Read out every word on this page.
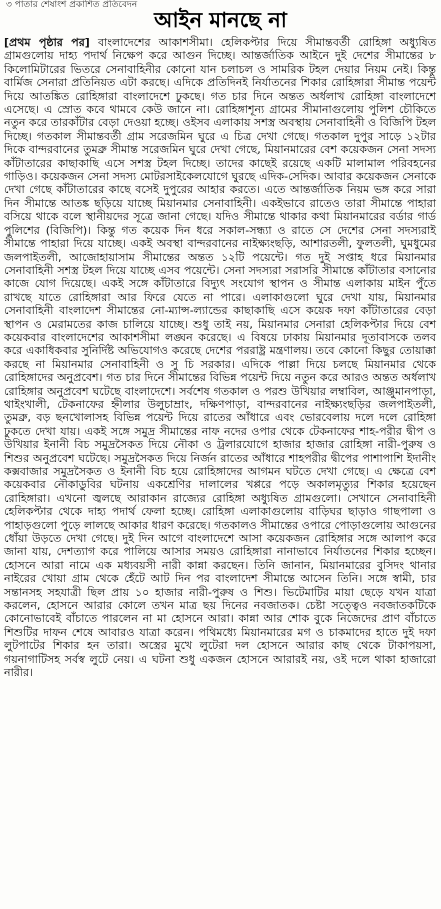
৩ পাতার শেষাংশ প্রকাশিত প্রতিবেদন
আইন মানছে না

[প্রথম পৃষ্ঠার পর] বাংলাদেশের আকাশসীমা। হেলিকপ্টার দিয়ে সীমান্তবর্তী রোহিঙ্গা অধ্যুষিত গ্রামগুলোয় দাহ্য পদার্থ নিক্ষেপ করে আগুন দিচ্ছে। আন্তর্জাতিক আইনে দুই দেশের সীমান্তের ৮ কিলোমিটারের ভিতরে সেনাবাহিনীর কোনো যান চলাচল ও সামরিক টহল দেয়ার নিয়ম নেই। কিন্তু বার্মিজ সেনারা প্রতিনিয়ত এটা করছে। এদিকে প্রতিদিনই নির্যাতনের শিকার রোহিঙ্গারা সীমান্ত পয়েন্ট দিয়ে আতঙ্কিত রোহিঙ্গারা বাংলাদেশে ঢুকছে। গত চার দিনে অন্তত অর্ধলাখ রোহিঙ্গা বাংলাদেশে এসেছে। এ স্রোত কবে থামবে কেউ জানে না। রোহিঙ্গাশূন্য গ্রামের সীমানাগুলোয় পুলিশ চৌকিতে নতুন করে তারকাঁটার বেড়া দেওয়া হচ্ছে। ওইসব এলাকায় সশস্ত্র অবস্থায় সেনাবাহিনী ও বিজিপি টহল দিচ্ছে। গতকাল সীমান্তবর্তী গ্রাম সরেজমিন ঘুরে এ চিত্র দেখা গেছে। গতকাল দুপুর সাড়ে ১২টার দিকে বান্দরবানের তুমব্রু সীমান্ত সরেজমিন ঘুরে দেখা গেছে, মিয়ানমারের বেশ কয়েকজন সেনা সদস্য কাঁটাতারের কাছাকাছি এসে সশস্ত্র টহল দিচ্ছে। তাদের কাছেই রয়েছে একটি মালামাল পরিবহনের গাড়িও। কয়েকজন সেনা সদস্য মোটরসাইকেলযোগে ঘুরছে এদিক-সেদিক। আবার কয়েকজন সেনাকে দেখা গেছে কাঁটাতারের কাছে বসেই দুপুরের আহার করতে। এতে আন্তর্জাতিক নিয়ম ভঙ্গ করে সারা দিন সীমান্তে আতঙ্ক ছড়িয়ে যাচ্ছে মিয়ানমার সেনাবাহিনী। একইভাবে রাতেও তারা সীমান্তে পাহারা বসিয়ে থাকে বলে স্থানীয়দের সূত্রে জানা গেছে। যদিও সীমান্তে থাকার কথা মিয়ানমারের বর্ডার গার্ড পুলিশের (বিজিপি)। কিন্তু গত কয়েক দিন ধরে সকাল-সন্ধ্যা ও রাতে সে দেশের সেনা সদস্যরাই সীমান্তে পাহারা দিয়ে যাচ্ছে। একই অবস্থা বান্দরবানের নাইক্ষ্যংছড়ি, আশারতলী, ফুলতলী, ঘুমধুমের জলপাইতলী, আজোহায়াসাম সীমান্তের অন্তত ১২টি পয়েন্টে। গত দুই সপ্তাহ ধরে মিয়ানমার সেনাবাহিনী সশস্ত্র টহল দিয়ে যাচ্ছে এসব পয়েন্টে। সেনা সদস্যরা সরাসরি সীমান্তে কাঁটাতার বসানোর কাজে যোগ দিয়েছে। একই সঙ্গে কাঁটাতারে বিদ্যুৎ সংযোগ স্থাপন ও সীমান্ত এলাকায় মাইন পুঁতে রাখছে যাতে রোহিঙ্গারা আর ফিরে যেতে না পারে। এলাকাগুলো ঘুরে দেখা যায়, মিয়ানমার সেনাবাহিনী বাংলাদেশ সীমান্তের নো-ম্যান্স-ল্যান্ডের কাছাকাছি এসে কয়েক দফা কাঁটাতারের বেড়া স্থাপন ও মেরামতের কাজ চালিয়ে যাচ্ছে। শুধু তাই নয়, মিয়ানমার সেনারা হেলিকপ্টার দিয়ে বেশ কয়েকবার বাংলাদেশের আকাশসীমা লঙ্ঘন করেছে। এ বিষয়ে ঢাকায় মিয়ানমার দূতাবাসকে তলব করে একাধিকবার সুনির্দিষ্ট অভিযোগও করেছে দেশের পররাষ্ট্র মন্ত্রণালয়। তবে কোনো কিছুর তোয়াক্কা করছে না মিয়ানমার সেনাবাহিনী ও সু চি সরকার। এদিকে পাল্লা দিয়ে চলছে মিয়ানমার থেকে রোহিঙ্গাদের অনুপ্রবেশ। গত চার দিনে সীমান্তের বিভিন্ন পয়েন্ট দিয়ে নতুন করে আরও অন্তত অর্ধলাখ রোহিঙ্গার অনুপ্রবেশ ঘটেছে বাংলাদেশে। সর্বশেষ গতকাল ও পরশু উখিয়ার লম্বাবিল, আঞ্জুমানপাড়া, থাইংখালী, টেকনাফের হ্নীলার উলুচাম্রাং, দক্ষিণপাড়া, বান্দরবানের নাইক্ষ্যংছড়ির জলপাইতলী, তুমব্রু, বড় ছনখোলাসহ বিভিন্ন পয়েন্ট দিয়ে রাতের আঁধারে এবং ভোরবেলায় দলে দলে রোহিঙ্গা ঢুকতে দেখা যায়। একই সঙ্গে সমুদ্র সীমান্তের নাফ নদের ওপার থেকে টেকনাফের শাহ-পরীর দ্বীপ ও উখিয়ার ইনানী বিচ সমুদ্রসৈকত দিয়ে নৌকা ও ট্রলারযোগে হাজার হাজার রোহিঙ্গা নারী-পুরুষ ও শিশুর অনুপ্রবেশ ঘটেছে। সমুদ্রসৈকত দিয়ে নির্জন রাতের আঁধারে শাহপরীর দ্বীপের পাশাপাশি ইদানীং কক্সবাজার সমুদ্রসৈকত ও ইনানী বিচ হয়ে রোহিঙ্গাদের আগমন ঘটতে দেখা গেছে। এ ক্ষেত্রে বেশ কয়েকবার নৌকাডুবির ঘটনায় একশ্রেণির দালালের খপ্পরে পড়ে অকালমৃত্যুর শিকার হয়েছেন রোহিঙ্গারা। এখনো জ্বলছে আরাকান রাজ্যের রোহিঙ্গা অধ্যুষিত গ্রামগুলো। সেখানে সেনাবাহিনী হেলিকপ্টার থেকে দাহ্য পদার্থ ফেলা হচ্ছে। রোহিঙ্গা এলাকাগুলোয় বাড়িঘর ছাড়াও গাছপালা ও পাহাড়গুলো পুড়ে লালছে আকার ধারণ করেছে। গতকালও সীমান্তের ওপারে পোড়াগুলোয় আগুনের ধোঁয়া উড়তে দেখা গেছে। দুই দিন আগে বাংলাদেশে আসা কয়েকজন রোহিঙ্গার সঙ্গে আলাপ করে জানা যায়, দেশত্যাগ করে পালিয়ে আসার সময়ও রোহিঙ্গারা নানাভাবে নির্যাতনের শিকার হচ্ছেন। হোসনে আরা নামে এক মধ্যবয়সী নারী কান্না করছেন। তিনি জানান, মিয়ানমারের বুসিদং থানার নাইরের খোয়া গ্রাম থেকে হেঁটে আট দিন পর বাংলাদেশ সীমান্তে আসেন তিনি। সঙ্গে স্বামী, চার সন্তানসহ সহযাত্রী ছিল প্রায় ১০ হাজার নারী-পুরুষ ও শিশু। ভিটেমাটির মায়া ছেড়ে যখন যাত্রা করলেন, হোসনে আরার কোলে তখন মাত্র ছয় দিনের নবজাতক। চেষ্টা সত্ত্বেও নবজাতকটিকে কোনোভাবেই বাঁচাতে পারলেন না মা হোসনে আরা। কান্না আর শোক বুকে নিজেদের প্রাণ বাঁচাতে শিশুটির দাফন শেষে আবারও যাত্রা করেন। পথিমধ্যে মিয়ানমারের মগ ও চাকমাদের হাতে দুই দফা লুটপাটের শিকার হন তারা। অস্ত্রের মুখে লুটেরা দল হোসনে আরার কাছ থেকে টাকাপয়সা, গয়নাগাটিসহ সর্বস্ব লুটে নেয়। এ ঘটনা শুধু একজন হোসনে আরারই নয়, ওই দলে থাকা হাজারো নারীর।
